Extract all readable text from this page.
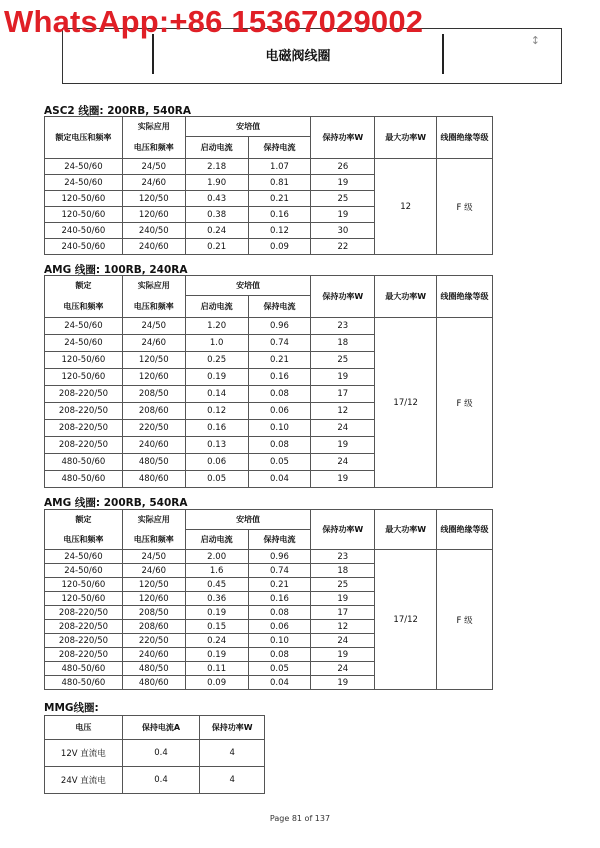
WhatsApp:+86 15367029002
电磁阀线圈
↕
ASC2 线圈: 200RB, 540RA
额定电压和频率	实际应用	安培值		保持功率W	最大功率W	线圈绝缘等级
	电压和频率	启动电流	保持电流			
24-50/60	24/50	2.18	1.07	26	12	F 级
24-50/60	24/60	1.90	0.81	19		
120-50/60	120/50	0.43	0.21	25		
120-50/60	120/60	0.38	0.16	19		
240-50/60	240/50	0.24	0.12	30		
240-50/60	240/60	0.21	0.09	22		
AMG 线圈: 100RB, 240RA
额定	实际应用	安培值		保持功率W	最大功率W	线圈绝缘等级
电压和频率	电压和频率	启动电流	保持电流			
24-50/60	24/50	1.20	0.96	23	17/12	F 级
24-50/60	24/60	1.0	0.74	18		
120-50/60	120/50	0.25	0.21	25		
120-50/60	120/60	0.19	0.16	19		
208-220/50	208/50	0.14	0.08	17		
208-220/50	208/60	0.12	0.06	12		
208-220/50	220/50	0.16	0.10	24		
208-220/50	240/60	0.13	0.08	19		
480-50/60	480/50	0.06	0.05	24		
480-50/60	480/60	0.05	0.04	19		
AMG 线圈: 200RB, 540RA
额定	实际应用	安培值		保持功率W	最大功率W	线圈绝缘等级
电压和频率	电压和频率	启动电流	保持电流			
24-50/60	24/50	2.00	0.96	23	17/12	F 级
24-50/60	24/60	1.6	0.74	18		
120-50/60	120/50	0.45	0.21	25		
120-50/60	120/60	0.36	0.16	19		
208-220/50	208/50	0.19	0.08	17		
208-220/50	208/60	0.15	0.06	12		
208-220/50	220/50	0.24	0.10	24		
208-220/50	240/60	0.19	0.08	19		
480-50/60	480/50	0.11	0.05	24		
480-50/60	480/60	0.09	0.04	19		
MMG线圈:
电压	保持电流A	保持功率W
12V 直流电	0.4	4
24V 直流电	0.4	4
Page 81 of 137
